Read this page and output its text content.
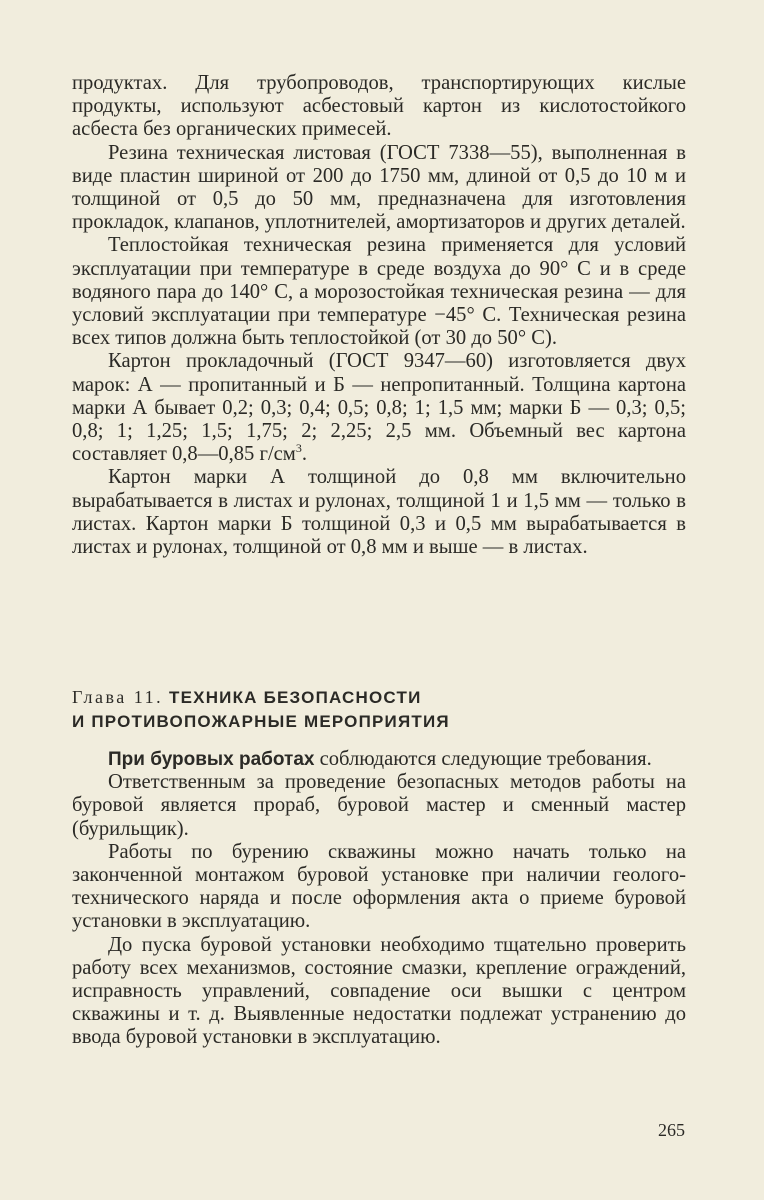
продуктах. Для трубопроводов, транспортирующих кислые продукты, используют асбестовый картон из кислотостойкого асбеста без органических примесей.

Резина техническая листовая (ГОСТ 7338—55), выполненная в виде пластин шириной от 200 до 1750 мм, длиной от 0,5 до 10 м и толщиной от 0,5 до 50 мм, предназначена для изготовления прокладок, клапанов, уплотнителей, амортизаторов и других деталей.

Теплостойкая техническая резина применяется для условий эксплуатации при температуре в среде воздуха до 90° С и в среде водяного пара до 140° С, а морозостойкая техническая резина — для условий эксплуатации при температуре −45° С. Техническая резина всех типов должна быть теплостойкой (от 30 до 50° С).

Картон прокладочный (ГОСТ 9347—60) изготовляется двух марок: А — пропитанный и Б — непропитанный. Толщина картона марки А бывает 0,2; 0,3; 0,4; 0,5; 0,8; 1; 1,5 мм; марки Б — 0,3; 0,5; 0,8; 1; 1,25; 1,5; 1,75; 2; 2,25; 2,5 мм. Объемный вес картона составляет 0,8—0,85 $г/см^3$.

Картон марки А толщиной до 0,8 мм включительно вырабатывается в листах и рулонах, толщиной 1 и 1,5 мм — только в листах. Картон марки Б толщиной 0,3 и 0,5 мм вырабатывается в листах и рулонах, толщиной от 0,8 мм и выше — в листах.

Глава 11. ТЕХНИКА БЕЗОПАСНОСТИ
И ПРОТИВОПОЖАРНЫЕ МЕРОПРИЯТИЯ

При буровых работах соблюдаются следующие требования.

Ответственным за проведение безопасных методов работы на буровой является прораб, буровой мастер и сменный мастер (бурильщик).

Работы по бурению скважины можно начать только на законченной монтажом буровой установке при наличии геолого-технического наряда и после оформления акта о приеме буровой установки в эксплуатацию.

До пуска буровой установки необходимо тщательно проверить работу всех механизмов, состояние смазки, крепление ограждений, исправность управлений, совпадение оси вышки с центром скважины и т. д. Выявленные недостатки подлежат устранению до ввода буровой установки в эксплуатацию.

265
